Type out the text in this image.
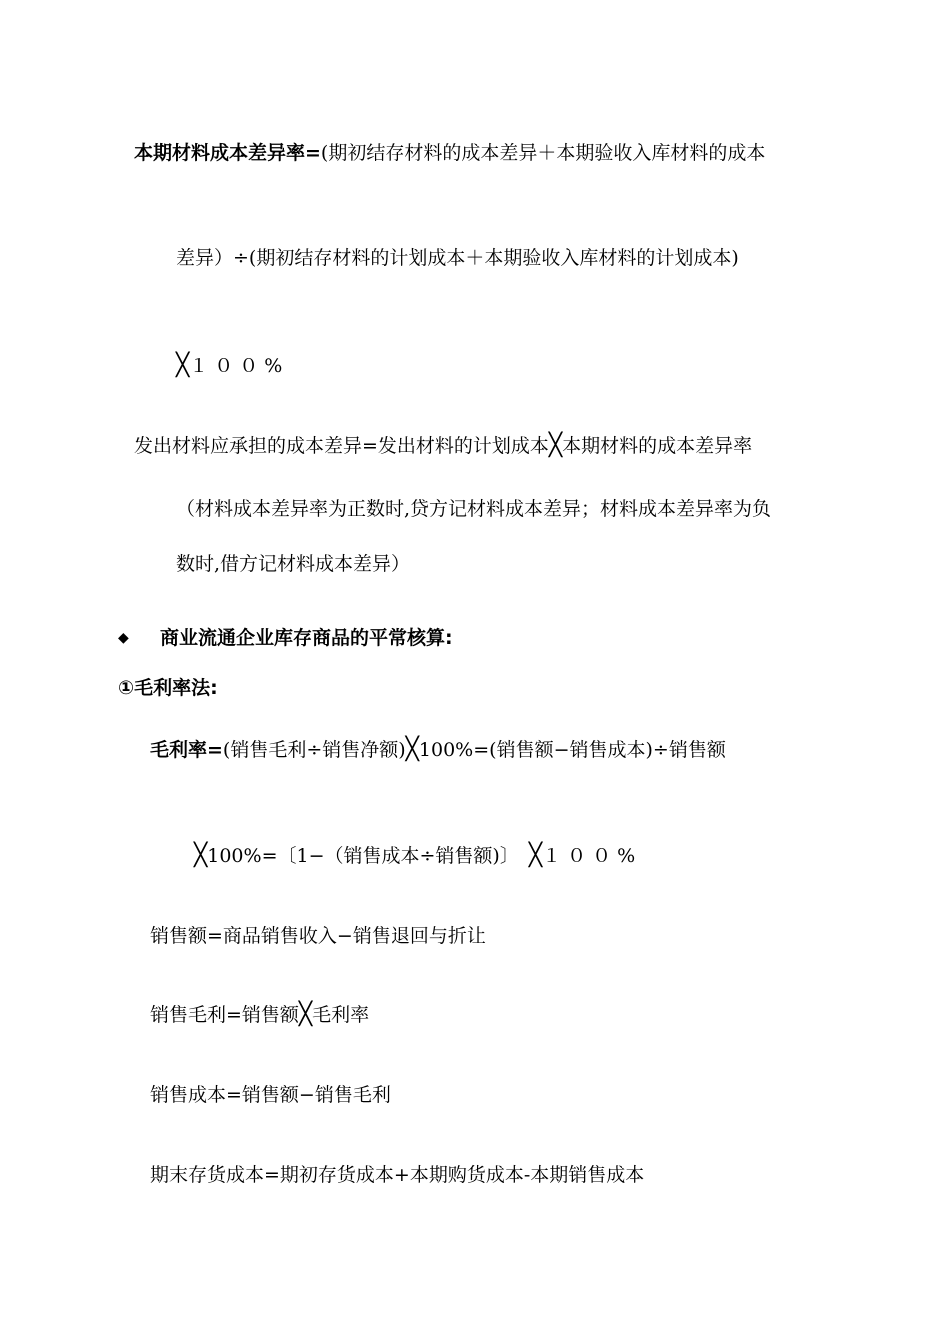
本期材料成本差异率=(期初结存材料的成本差异＋本期验收入库材料的成本
差异）÷(期初结存材料的计划成本＋本期验收入库材料的计划成本)
╳１００%
发出材料应承担的成本差异=发出材料的计划成本╳本期材料的成本差异率
（材料成本差异率为正数时,贷方记材料成本差异；材料成本差异率为负
数时,借方记材料成本差异）
◆ 商业流通企业库存商品的平常核算:
①毛利率法:
毛利率=(销售毛利÷销售净额)╳100%=(销售额−销售成本)÷销售额
╳100%=〔1−（销售成本÷销售额)〕 ╳１００%
销售额=商品销售收入−销售退回与折让
销售毛利=销售额╳毛利率
销售成本=销售额−销售毛利
期末存货成本=期初存货成本+本期购货成本-本期销售成本
